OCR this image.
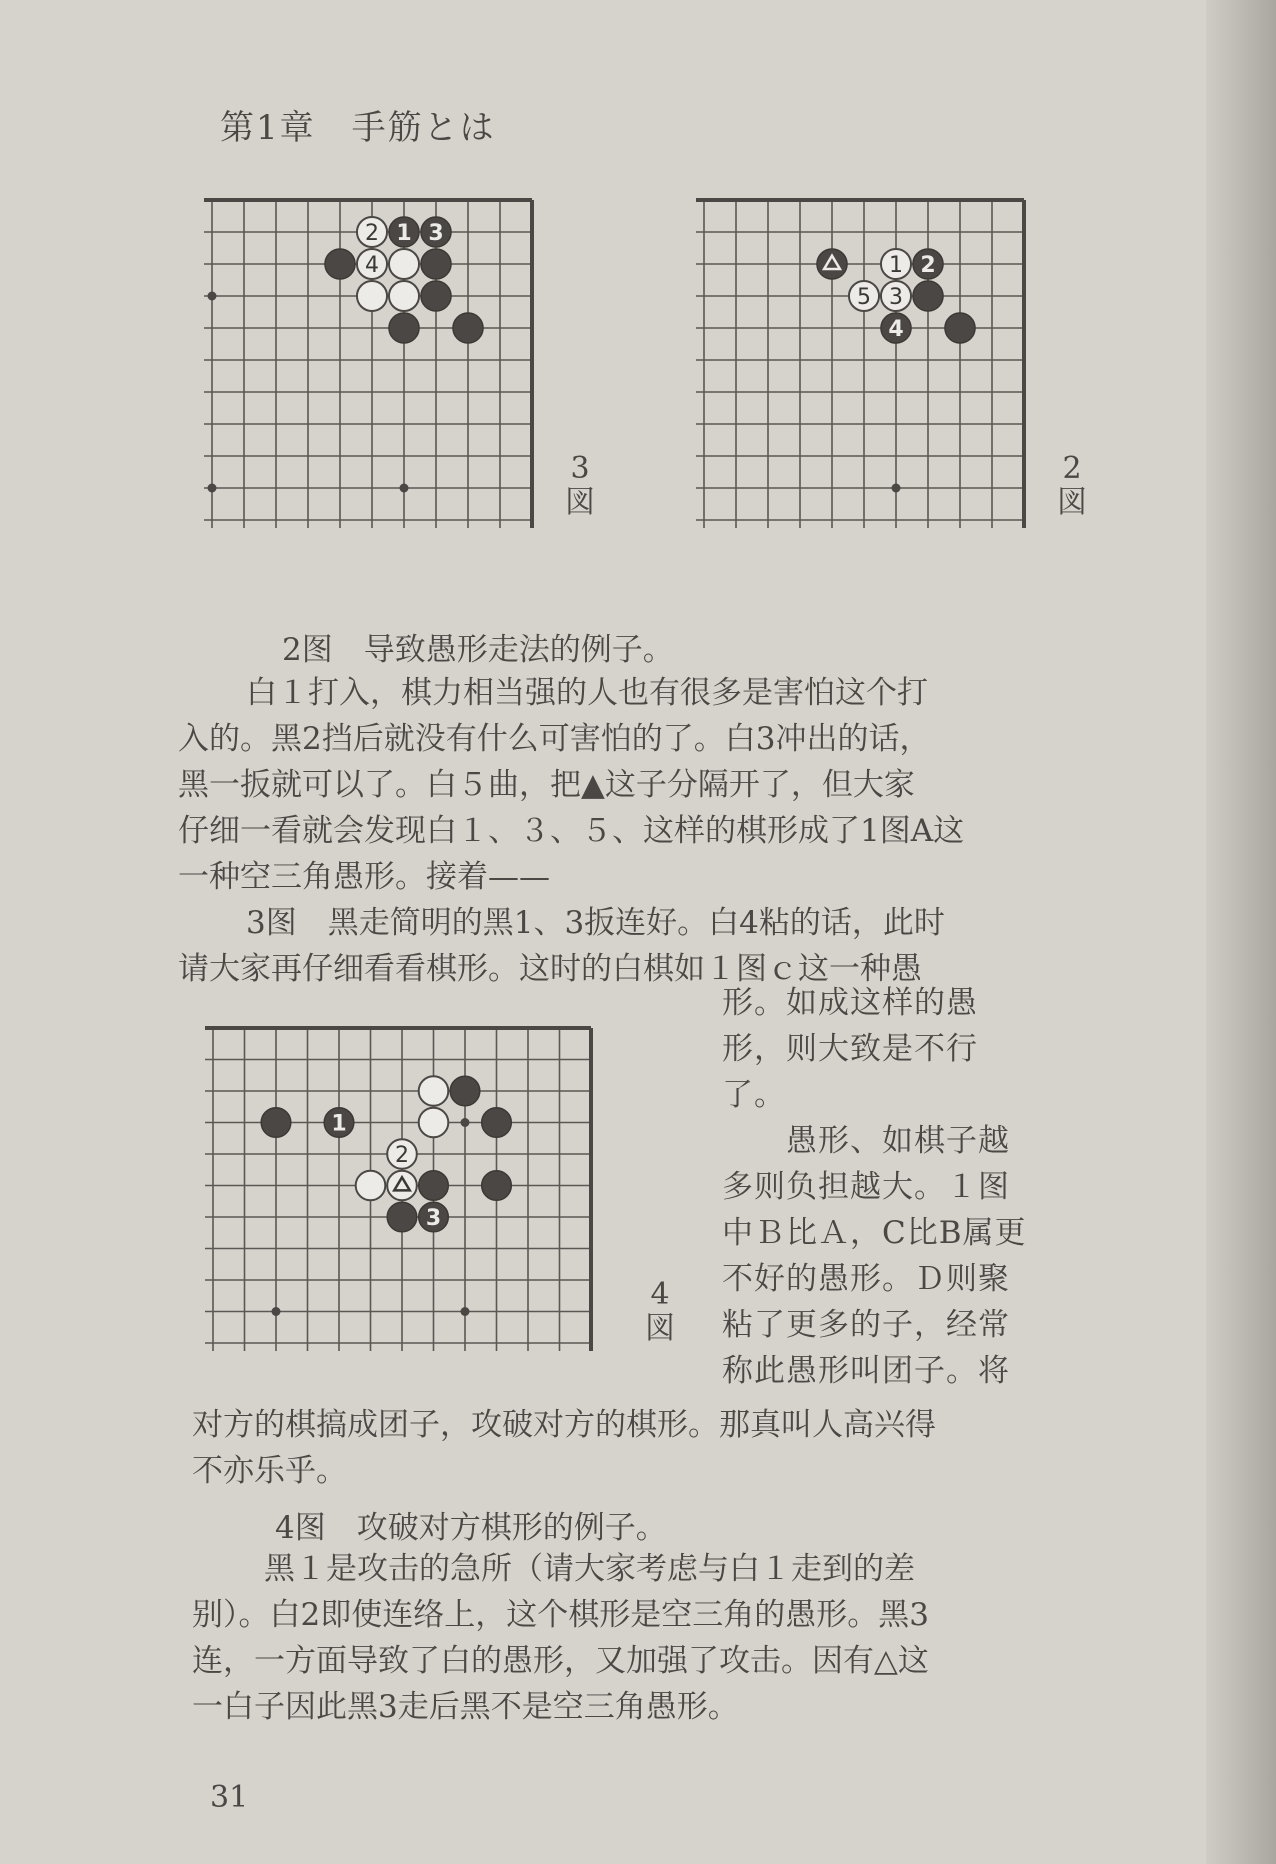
第1章　手筋とは
2 1 3
4
3
図
1 2
5 3
4
2
図
2图　导致愚形走法的例子。
白１打入，棋力相当强的人也有很多是害怕这个打
入的。黑2挡后就没有什么可害怕的了。白3冲出的话，
黑一扳就可以了。白５曲，把▲这子分隔开了，但大家
仔细一看就会发现白１、３、５、这样的棋形成了1图A这
一种空三角愚形。接着——
3图　黑走简明的黑1、3扳连好。白4粘的话，此时
请大家再仔细看看棋形。这时的白棋如１图ｃ这一种愚
1
2
3
4
図
形。如成这样的愚
形，则大致是不行
了。
　　愚形、如棋子越
多则负担越大。１图
中Ｂ比Ａ，C比B属更
不好的愚形。Ｄ则聚
粘了更多的子，经常
称此愚形叫团子。将
对方的棋搞成团子，攻破对方的棋形。那真叫人高兴得
不亦乐乎。
4图　攻破对方棋形的例子。
黑１是攻击的急所（请大家考虑与白１走到的差
别）。白2即使连络上，这个棋形是空三角的愚形。黑3
连，一方面导致了白的愚形，又加强了攻击。因有△这
一白子因此黑3走后黑不是空三角愚形。
31
